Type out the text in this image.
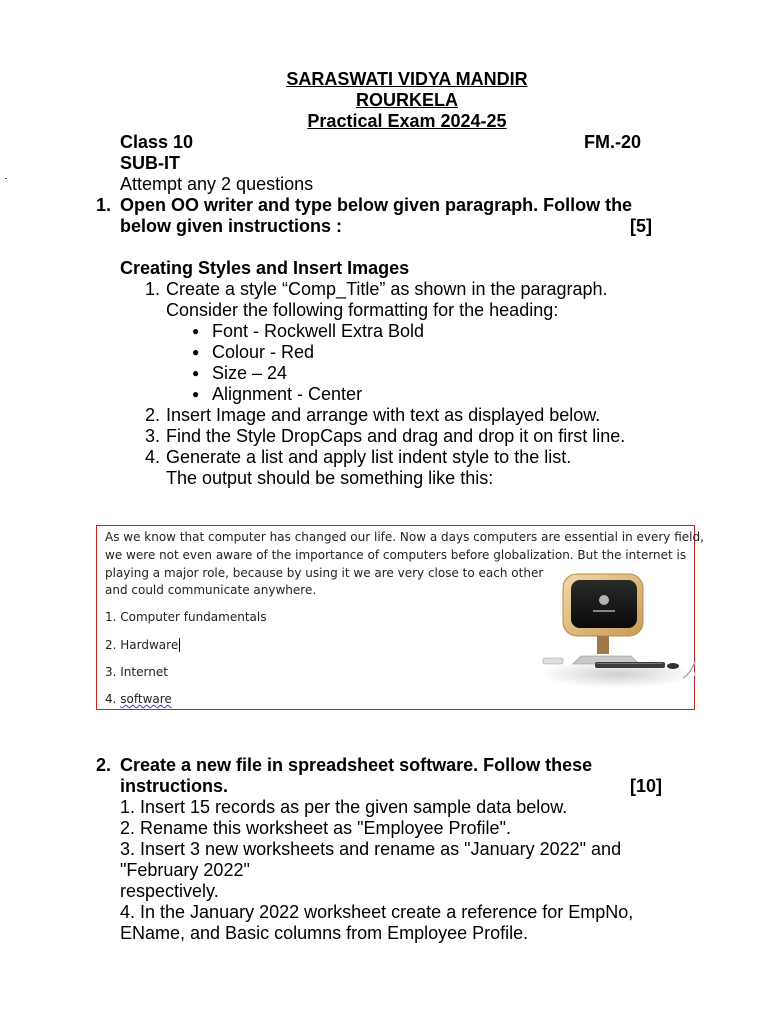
SARASWATI VIDYA MANDIR
ROURKELA
Practical Exam 2024-25
Class 10	FM.-20
SUB-IT
Attempt any 2 questions
1. Open OO writer and type below given paragraph. Follow the
below given instructions :	[5]
Creating Styles and Insert Images
1. Create a style “Comp_Title” as shown in the paragraph.
Consider the following formatting for the heading:
● Font - Rockwell Extra Bold
● Colour - Red
● Size – 24
● Alignment - Center
2. Insert Image and arrange with text as displayed below.
3. Find the Style DropCaps and drag and drop it on first line.
4. Generate a list and apply list indent style to the list.
The output should be something like this:
As we know that computer has changed our life. Now a days computers are essential in every field,
we were not even aware of the importance of computers before globalization. But the internet is
playing a major role, because by using it we are very close to each other
and could communicate anywhere.
1. Computer fundamentals
2. Hardware
3. Internet
4. software
2. Create a new file in spreadsheet software. Follow these
instructions.	[10]
1. Insert 15 records as per the given sample data below.
2. Rename this worksheet as "Employee Profile".
3. Insert 3 new worksheets and rename as "January 2022" and
"February 2022"
respectively.
4. In the January 2022 worksheet create a reference for EmpNo,
EName, and Basic columns from Employee Profile.
